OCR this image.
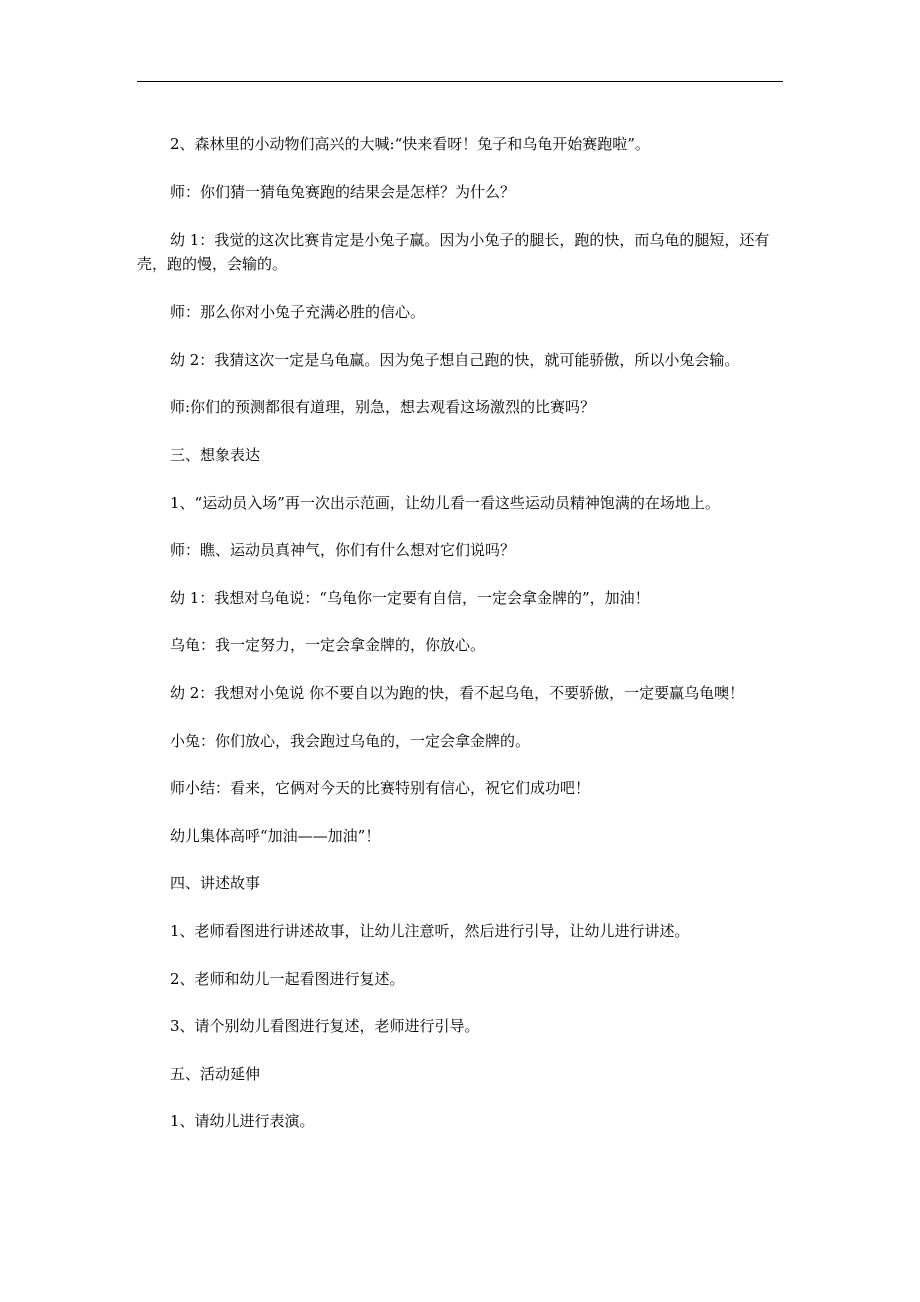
2、森林里的小动物们高兴的大喊:“快来看呀！兔子和乌龟开始赛跑啦”。

师：你们猜一猜龟兔赛跑的结果会是怎样？为什么？

幼 1：我觉的这次比赛肯定是小兔子赢。因为小兔子的腿长，跑的快，而乌龟的腿短，还有壳，跑的慢，会输的。

师：那么你对小兔子充满必胜的信心。

幼 2：我猜这次一定是乌龟赢。因为兔子想自己跑的快，就可能骄傲，所以小兔会输。

师:你们的预测都很有道理，别急，想去观看这场激烈的比赛吗？

三、想象表达

1、“运动员入场”再一次出示范画，让幼儿看一看这些运动员精神饱满的在场地上。

师：瞧、运动员真神气，你们有什么想对它们说吗？

幼 1：我想对乌龟说：“乌龟你一定要有自信，一定会拿金牌的”，加油！

乌龟：我一定努力，一定会拿金牌的，你放心。

幼 2：我想对小兔说 你不要自以为跑的快，看不起乌龟，不要骄傲，一定要赢乌龟噢！

小兔：你们放心，我会跑过乌龟的，一定会拿金牌的。

师小结：看来，它俩对今天的比赛特别有信心，祝它们成功吧！

幼儿集体高呼“加油——加油”！

四、讲述故事

1、老师看图进行讲述故事，让幼儿注意听，然后进行引导，让幼儿进行讲述。

2、老师和幼儿一起看图进行复述。

3、请个别幼儿看图进行复述，老师进行引导。

五、活动延伸

1、请幼儿进行表演。
